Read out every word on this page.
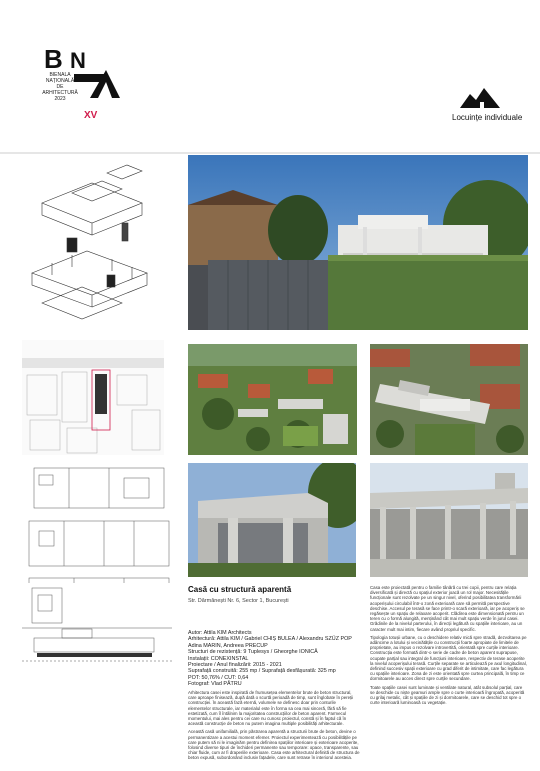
B N
BIENALA
NAȚIONALĂ
DE
ARHITECTURĂ
2023
XV	Locuințe individuale
Casă cu structură aparentă
Str. Dărmănești Nr. 6, Sector 1, București
Autor: Attila KIM Architects
Arhitectură: Attila KIM / Gabriel CHIȘ BULEA / Alexandru SZÜZ POP
Adina MARIN, Andreea PRECUP
Structuri de rezistență: 9 Tuplesys / Gheorghe IONICĂ
Instalații: CONEXINSTAL
Proiectare / Anul finalizării: 2015 - 2021
Suprafață construită: 255 mp / Suprafață desfășurată: 325 mp
POT: 50,76% / CUT: 0,64
Fotograf: Vlad PĂTRU

Arhitectura casei este inspirată de frumusețea elementelor brute de beton structural, care aproape finisează, după dată o scurtă perioadă de timp, sunt înglobate în pereții construcției. În această fază eternă, volumele se definesc doar prin conturile elementelor structurale, iar materialul este în forma sa cea mai sinceră, fără să fie estetizată, cum îl întâlnim la majoritatea construcțiilor de beton aparent. Farmecul momentului, mai ales pentru cei care nu cunosc proiectul, constă și în faptul că în această construcție de beton nu putem imagina multiple posibilități arhitecturale.

Această casă unifamilială, prin păstrarea aparentă a structurii brute de beton, devine o permanentizare a acestui moment efemer. Proiectul experimentează cu posibilitățile pe care putem să ni le imaginăm pentru definirea spațiilor interioare și exterioare acoperite, folosind diverse tipuri de închideri permanente sau temporare: opace, transparente, sau chiar fluide, cum ar fi draperiile exterioare. Casa este arhitectural definită de structura de beton expusă, subordonând inclusiv fațadele, care sunt retrase în interiorul acesteia.

Casa este proiectată pentru o familie tânără cu trei copii, pentru care relația diversificată și directă cu spațiul exterior joacă un rol major. Necesitățile funcționale sunt rezolvate pe un singur nivel, oferind posibilitatea transformării acoperișului circulabil într-o zonă exterioară care să permită perspective deschise. Accesul pe terasă se face printr-o scară exterioară, iar pe acoperiș se regăsește un spațiu de relaxare acoperit. Clădirea este dimensionată pentru un teren cu o formă alungită, menținând cât mai mult spațiu verde în jurul casei. Grădinile de la nivelul parterului, în direcții legătură cu spațiile interioare, au un caracter mult mai intim, fiecare având propriul specific.

Tipologia totușii urbane, cu o deschidere relativ mică spre stradă, dezvoltarea pe adâncime a lotului și vecinătățile cu construcții foarte apropiate de limitele de proprietate, au impus o rezolvare introvertită, orientată spre curțile interioare. Construcția este formată dintr-o serie de cadre de beton aparent suprapuse, ocupate parțial sau integral de funcțiuni interioare, respectiv de terase acoperite la nivelul acoperișului terasă. Curțile separate se articulează pe axul longitudinal, definind succesiv spații exterioare cu grad diferit de intimitate, care fac legătura cu spațiile interioare. Zona de zi este orientată spre curtea principală, în timp ce dormitoarele au acces direct spre curțile secundare.

Toate spațiile casei sunt luminate și ventilate natural, atât subsolul parțial, care se deschide cu niște geamuri ample spre o curte interioară îngropată, acoperită cu grilaj metalic, cât și spațiile de zi și dormitoarele, care se deschid tot spre o curte interioară luminoasă cu vegetație.
